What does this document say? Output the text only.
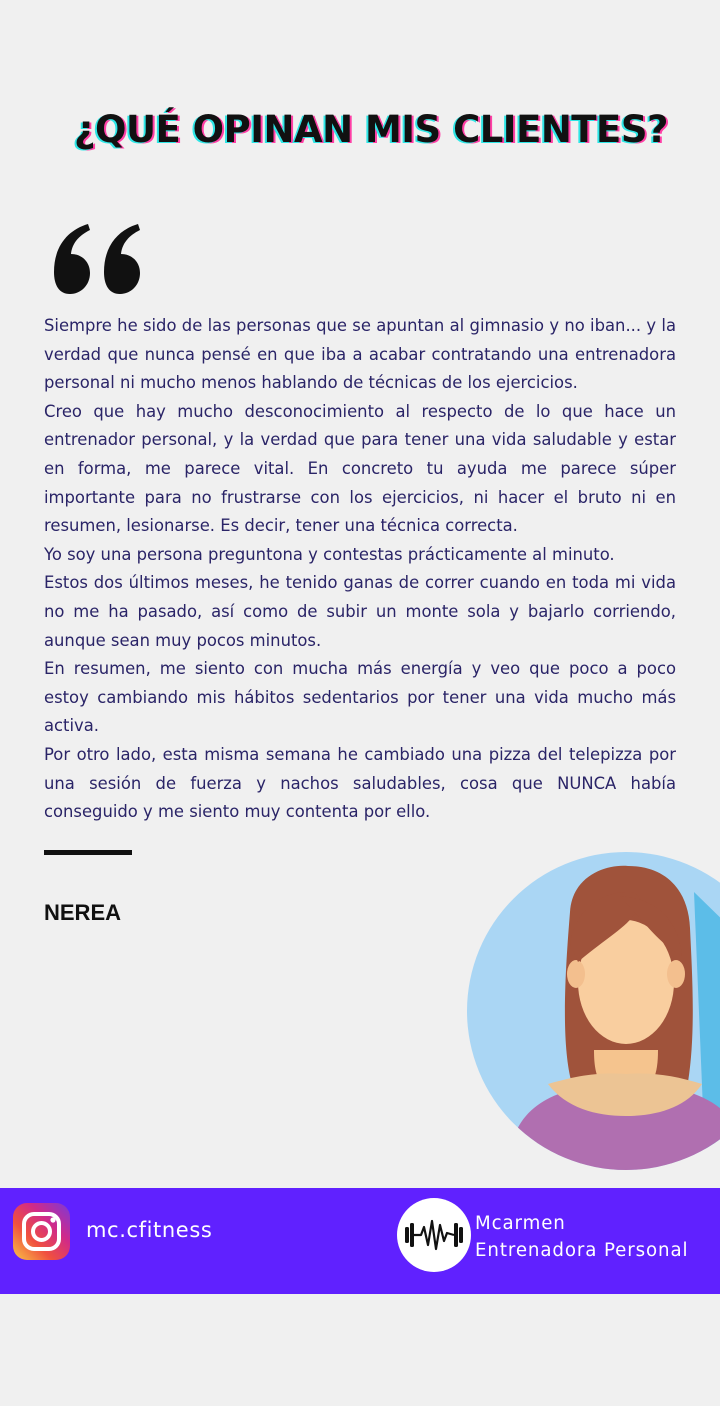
¿QUÉ OPINAN MIS CLIENTES?

Siempre he sido de las personas que se apuntan al gimnasio y no iban... y la verdad que nunca pensé en que iba a acabar contratando una entrenadora personal ni mucho menos hablando de técnicas de los ejercicios.

Creo que hay mucho desconocimiento al respecto de lo que hace un entrenador personal, y la verdad que para tener una vida saludable y estar en forma, me parece vital. En concreto tu ayuda me parece súper importante para no frustrarse con los ejercicios, ni hacer el bruto ni en resumen, lesionarse. Es decir, tener una técnica correcta.

Yo soy una persona preguntona y contestas prácticamente al minuto.

Estos dos últimos meses, he tenido ganas de correr cuando en toda mi vida no me ha pasado, así como de subir un monte sola y bajarlo corriendo, aunque sean muy pocos minutos.

En resumen, me siento con mucha más energía y veo que poco a poco estoy cambiando mis hábitos sedentarios por tener una vida mucho más activa.

Por otro lado, esta misma semana he cambiado una pizza del telepizza por una sesión de fuerza y nachos saludables, cosa que NUNCA había conseguido y me siento muy contenta por ello.

NEREA
mc.cfitness	Mcarmen
Entrenadora Personal
